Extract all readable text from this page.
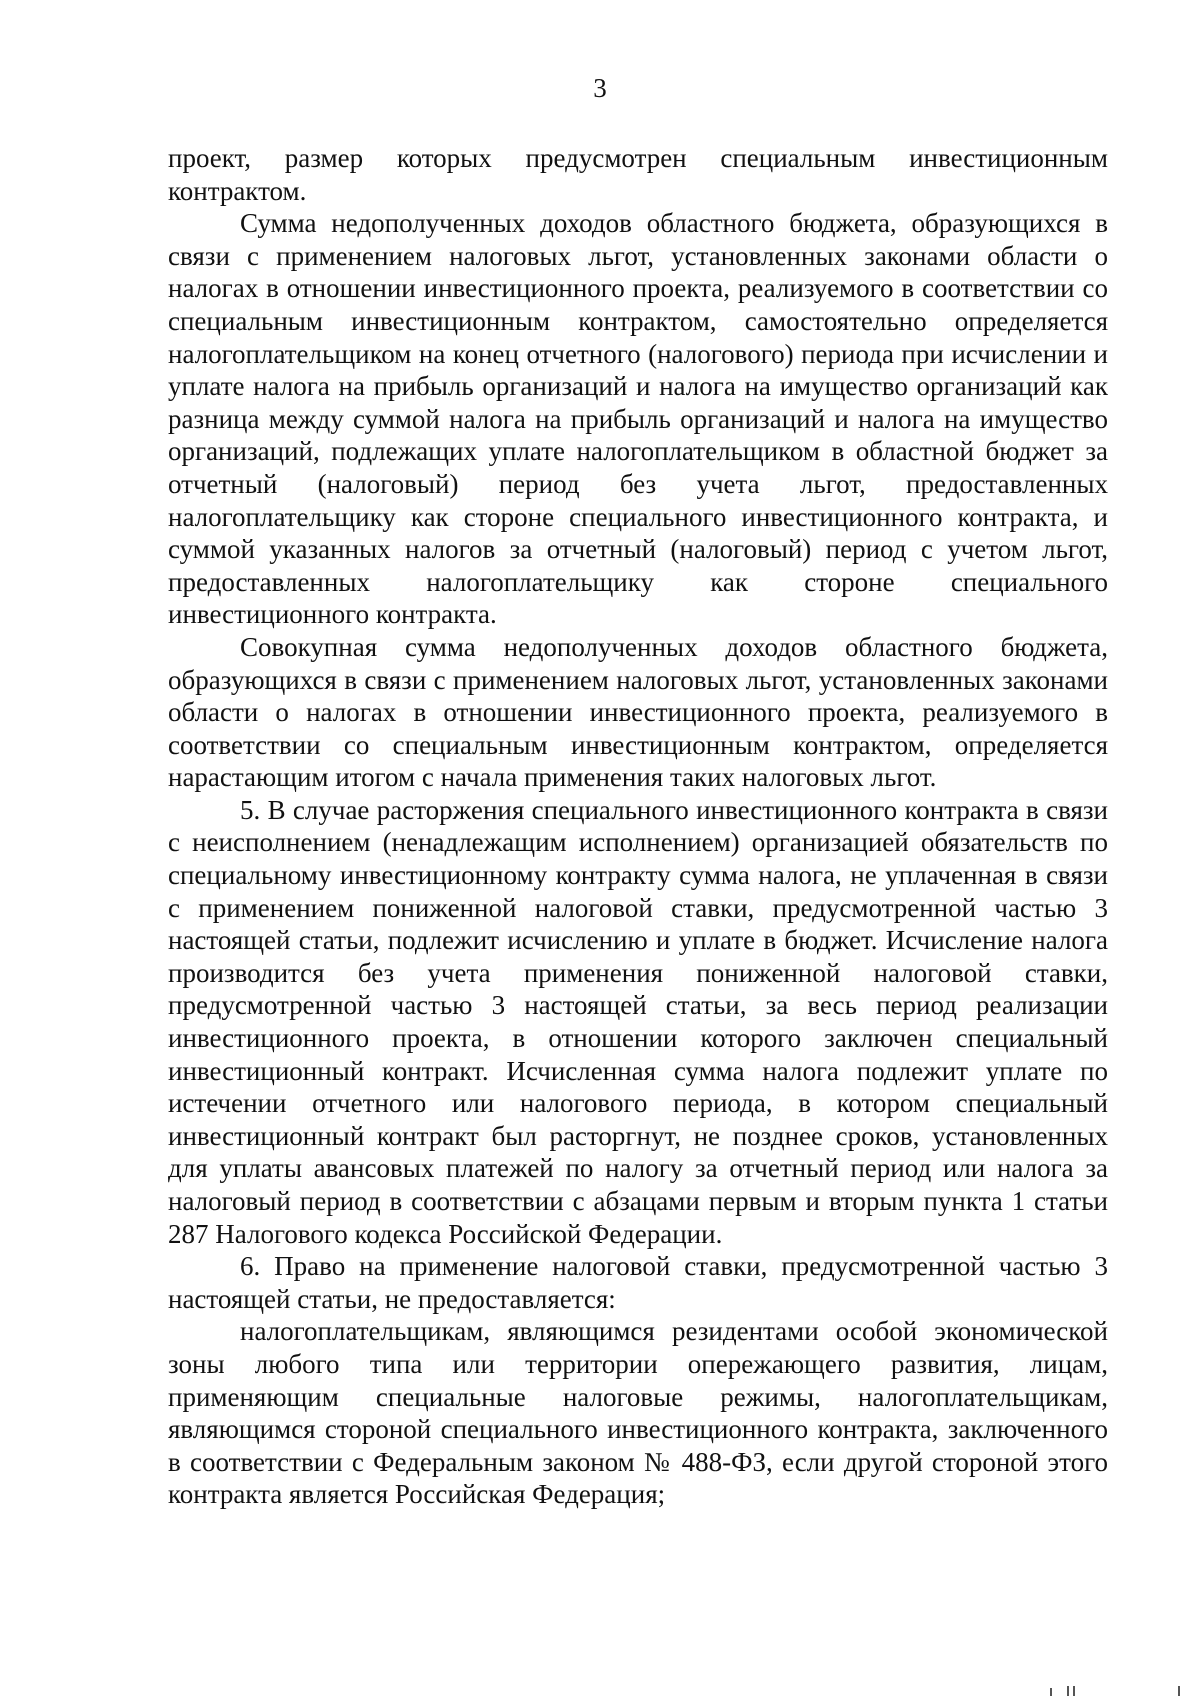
3

проект, размер которых предусмотрен специальным инвестиционным контрактом.

Сумма недополученных доходов областного бюджета, образующихся в связи с применением налоговых льгот, установленных законами области о налогах в отношении инвестиционного проекта, реализуемого в соответствии со специальным инвестиционным контрактом, самостоятельно определяется налогоплательщиком на конец отчетного (налогового) периода при исчислении и уплате налога на прибыль организаций и налога на имущество организаций как разница между суммой налога на прибыль организаций и налога на имущество организаций, подлежащих уплате налогоплательщиком в областной бюджет за отчетный (налоговый) период без учета льгот, предоставленных налогоплательщику как стороне специального инвестиционного контракта, и суммой указанных налогов за отчетный (налоговый) период с учетом льгот, предоставленных налогоплательщику как стороне специального инвестиционного контракта.

Совокупная сумма недополученных доходов областного бюджета, образующихся в связи с применением налоговых льгот, установленных законами области о налогах в отношении инвестиционного проекта, реализуемого в соответствии со специальным инвестиционным контрактом, определяется нарастающим итогом с начала применения таких налоговых льгот.

5. В случае расторжения специального инвестиционного контракта в связи с неисполнением (ненадлежащим исполнением) организацией обязательств по специальному инвестиционному контракту сумма налога, не уплаченная в связи с применением пониженной налоговой ставки, предусмотренной частью 3 настоящей статьи, подлежит исчислению и уплате в бюджет. Исчисление налога производится без учета применения пониженной налоговой ставки, предусмотренной частью 3 настоящей статьи, за весь период реализации инвестиционного проекта, в отношении которого заключен специальный инвестиционный контракт. Исчисленная сумма налога подлежит уплате по истечении отчетного или налогового периода, в котором специальный инвестиционный контракт был расторгнут, не позднее сроков, установленных для уплаты авансовых платежей по налогу за отчетный период или налога за налоговый период в соответствии с абзацами первым и вторым пункта 1 статьи 287 Налогового кодекса Российской Федерации.

6. Право на применение налоговой ставки, предусмотренной частью 3 настоящей статьи, не предоставляется:

налогоплательщикам, являющимся резидентами особой экономической зоны любого типа или территории опережающего развития, лицам, применяющим специальные налоговые режимы, налогоплательщикам, являющимся стороной специального инвестиционного контракта, заключенного в соответствии с Федеральным законом № 488-ФЗ, если другой стороной этого контракта является Российская Федерация;
